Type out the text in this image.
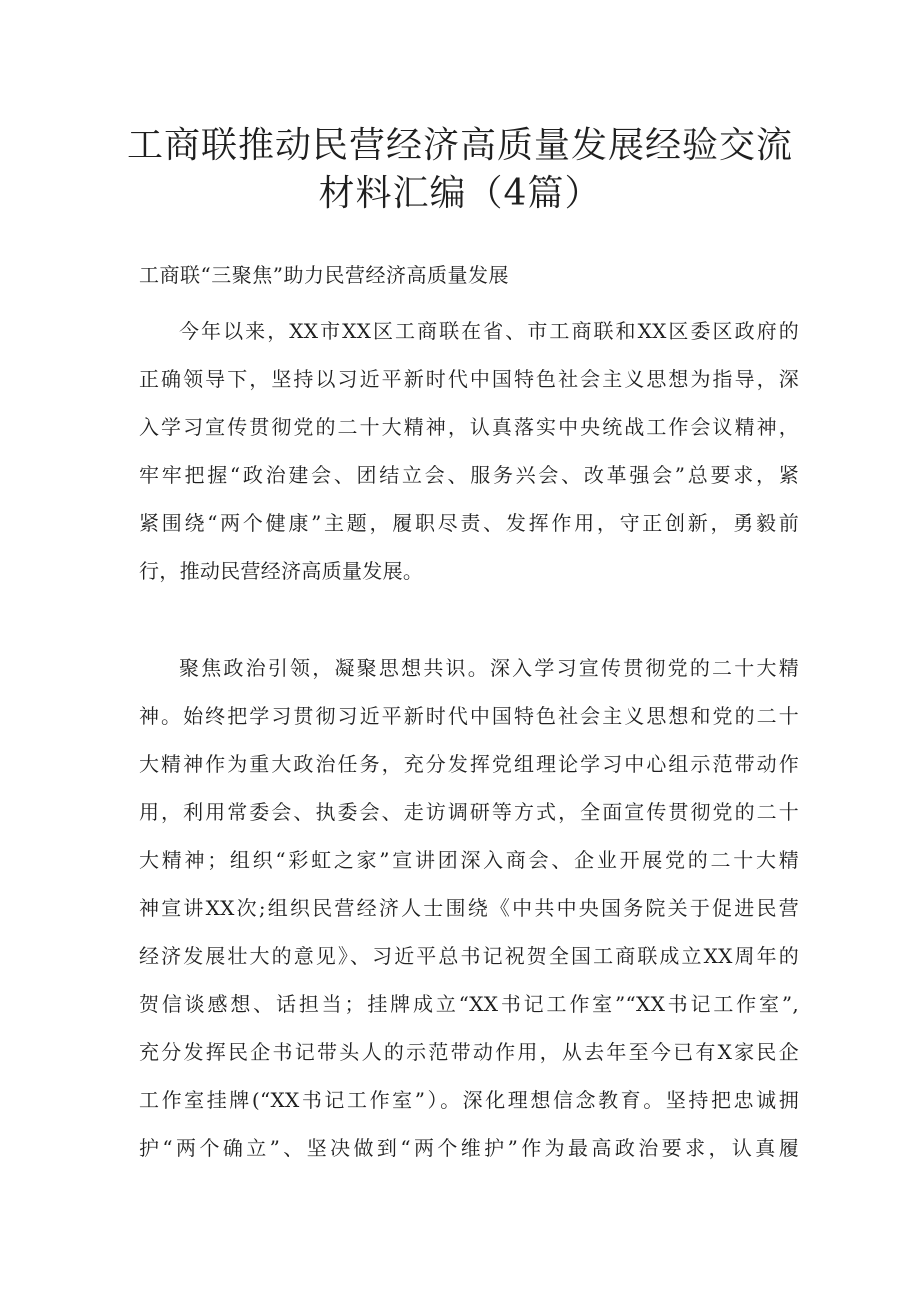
工商联推动民营经济高质量发展经验交流
材料汇编（4篇）
工商联“三聚焦”助力民营经济高质量发展
今年以来，XX市XX区工商联在省、市工商联和XX区委区政府的
正确领导下，坚持以习近平新时代中国特色社会主义思想为指导，深
入学习宣传贯彻党的二十大精神，认真落实中央统战工作会议精神，
牢牢把握“政治建会、团结立会、服务兴会、改革强会”总要求，紧
紧围绕“两个健康”主题，履职尽责、发挥作用，守正创新，勇毅前
行，推动民营经济高质量发展。
聚焦政治引领，凝聚思想共识。深入学习宣传贯彻党的二十大精
神。始终把学习贯彻习近平新时代中国特色社会主义思想和党的二十
大精神作为重大政治任务，充分发挥党组理论学习中心组示范带动作
用，利用常委会、执委会、走访调研等方式，全面宣传贯彻党的二十
大精神；组织“彩虹之家”宣讲团深入商会、企业开展党的二十大精
神宣讲XX次;组织民营经济人士围绕《中共中央国务院关于促进民营
经济发展壮大的意见》、习近平总书记祝贺全国工商联成立XX周年的
贺信谈感想、话担当；挂牌成立“XX书记工作室”“XX书记工作室”,
充分发挥民企书记带头人的示范带动作用，从去年至今已有X家民企
工作室挂牌(“XX书记工作室”）。深化理想信念教育。坚持把忠诚拥
护“两个确立”、坚决做到“两个维护”作为最高政治要求，认真履
